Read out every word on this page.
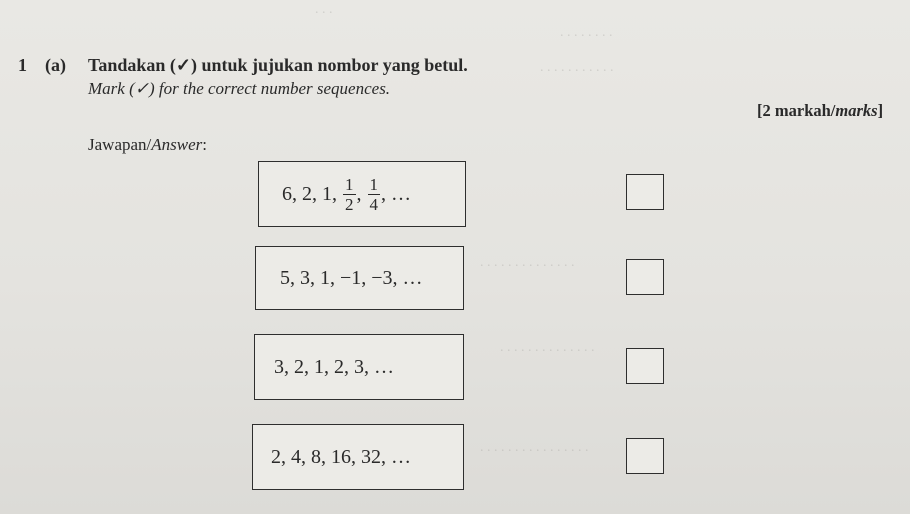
. . .
. . . . . . . .
. . . . . . . . . . .
. . . . . . . . . . . . . .
. . . . . . . . . . . . . .
. . . . . . . . . . . . . . . .
1 (a) Tandakan (✓) untuk jujukan nombor yang betul.
Mark (✓) for the correct number sequences.
[2 markah/marks]
Jawapan/Answer:
6, 2, 1, $\frac{1}{2}$ , $\frac{1}{4}$ , …
5, 3, 1, −1, −3, …
3, 2, 1, 2, 3, …
2, 4, 8, 16, 32, …
